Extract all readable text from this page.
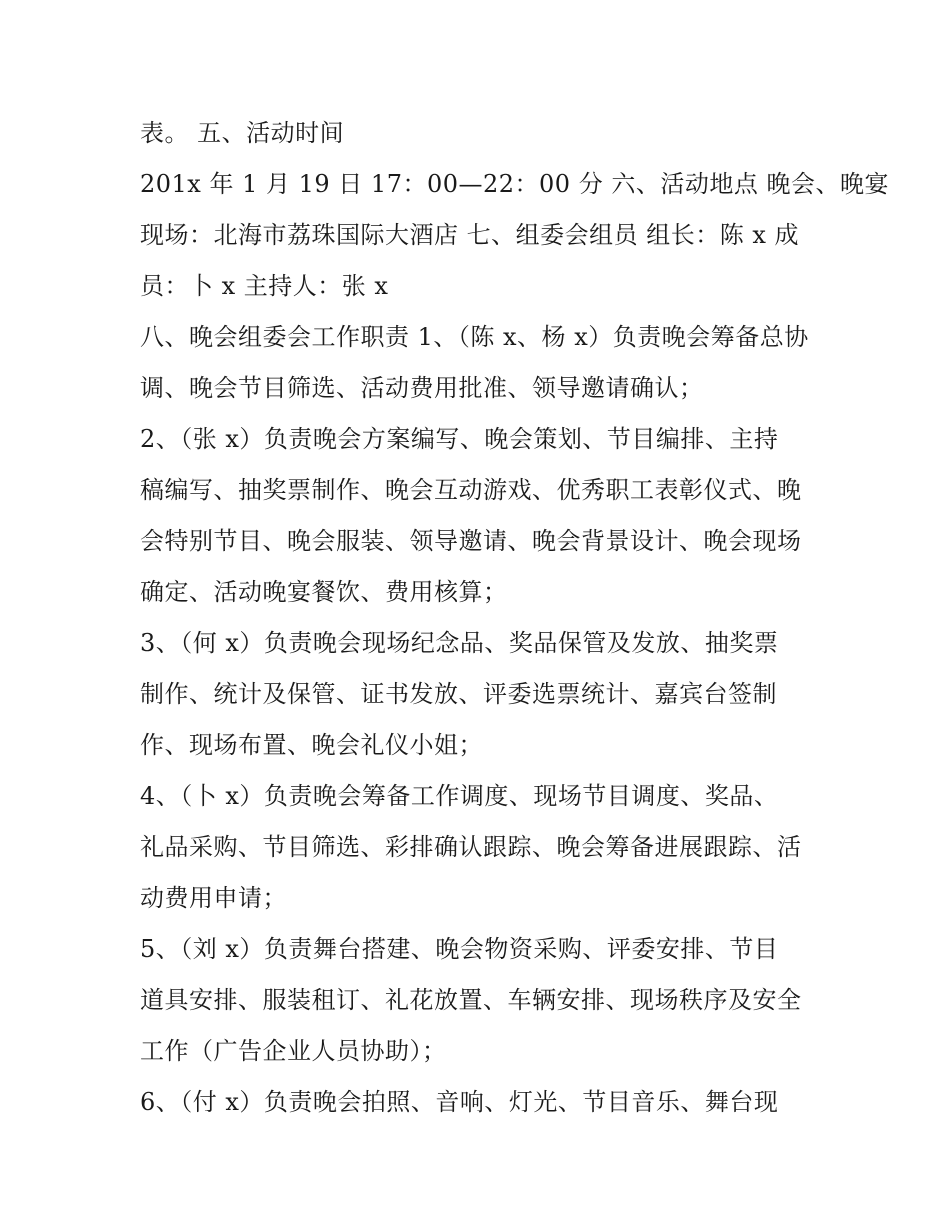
表。 五、活动时间
201x 年 1 月 19 日 17：00—22：00 分 六、活动地点 晚会、晚宴
现场：北海市荔珠国际大酒店 七、组委会组员 组长：陈 x 成
员：卜 x 主持人：张 x
八、晚会组委会工作职责 1、（陈 x、杨 x）负责晚会筹备总协
调、晚会节目筛选、活动费用批准、领导邀请确认；
2、（张 x）负责晚会方案编写、晚会策划、节目编排、主持
稿编写、抽奖票制作、晚会互动游戏、优秀职工表彰仪式、晚
会特别节目、晚会服装、领导邀请、晚会背景设计、晚会现场
确定、活动晚宴餐饮、费用核算；
3、（何 x）负责晚会现场纪念品、奖品保管及发放、抽奖票
制作、统计及保管、证书发放、评委选票统计、嘉宾台签制
作、现场布置、晚会礼仪小姐；
4、（卜 x）负责晚会筹备工作调度、现场节目调度、奖品、
礼品采购、节目筛选、彩排确认跟踪、晚会筹备进展跟踪、活
动费用申请；
5、（刘 x）负责舞台搭建、晚会物资采购、评委安排、节目
道具安排、服装租订、礼花放置、车辆安排、现场秩序及安全
工作（广告企业人员协助）；
6、（付 x）负责晚会拍照、音响、灯光、节目音乐、舞台现
